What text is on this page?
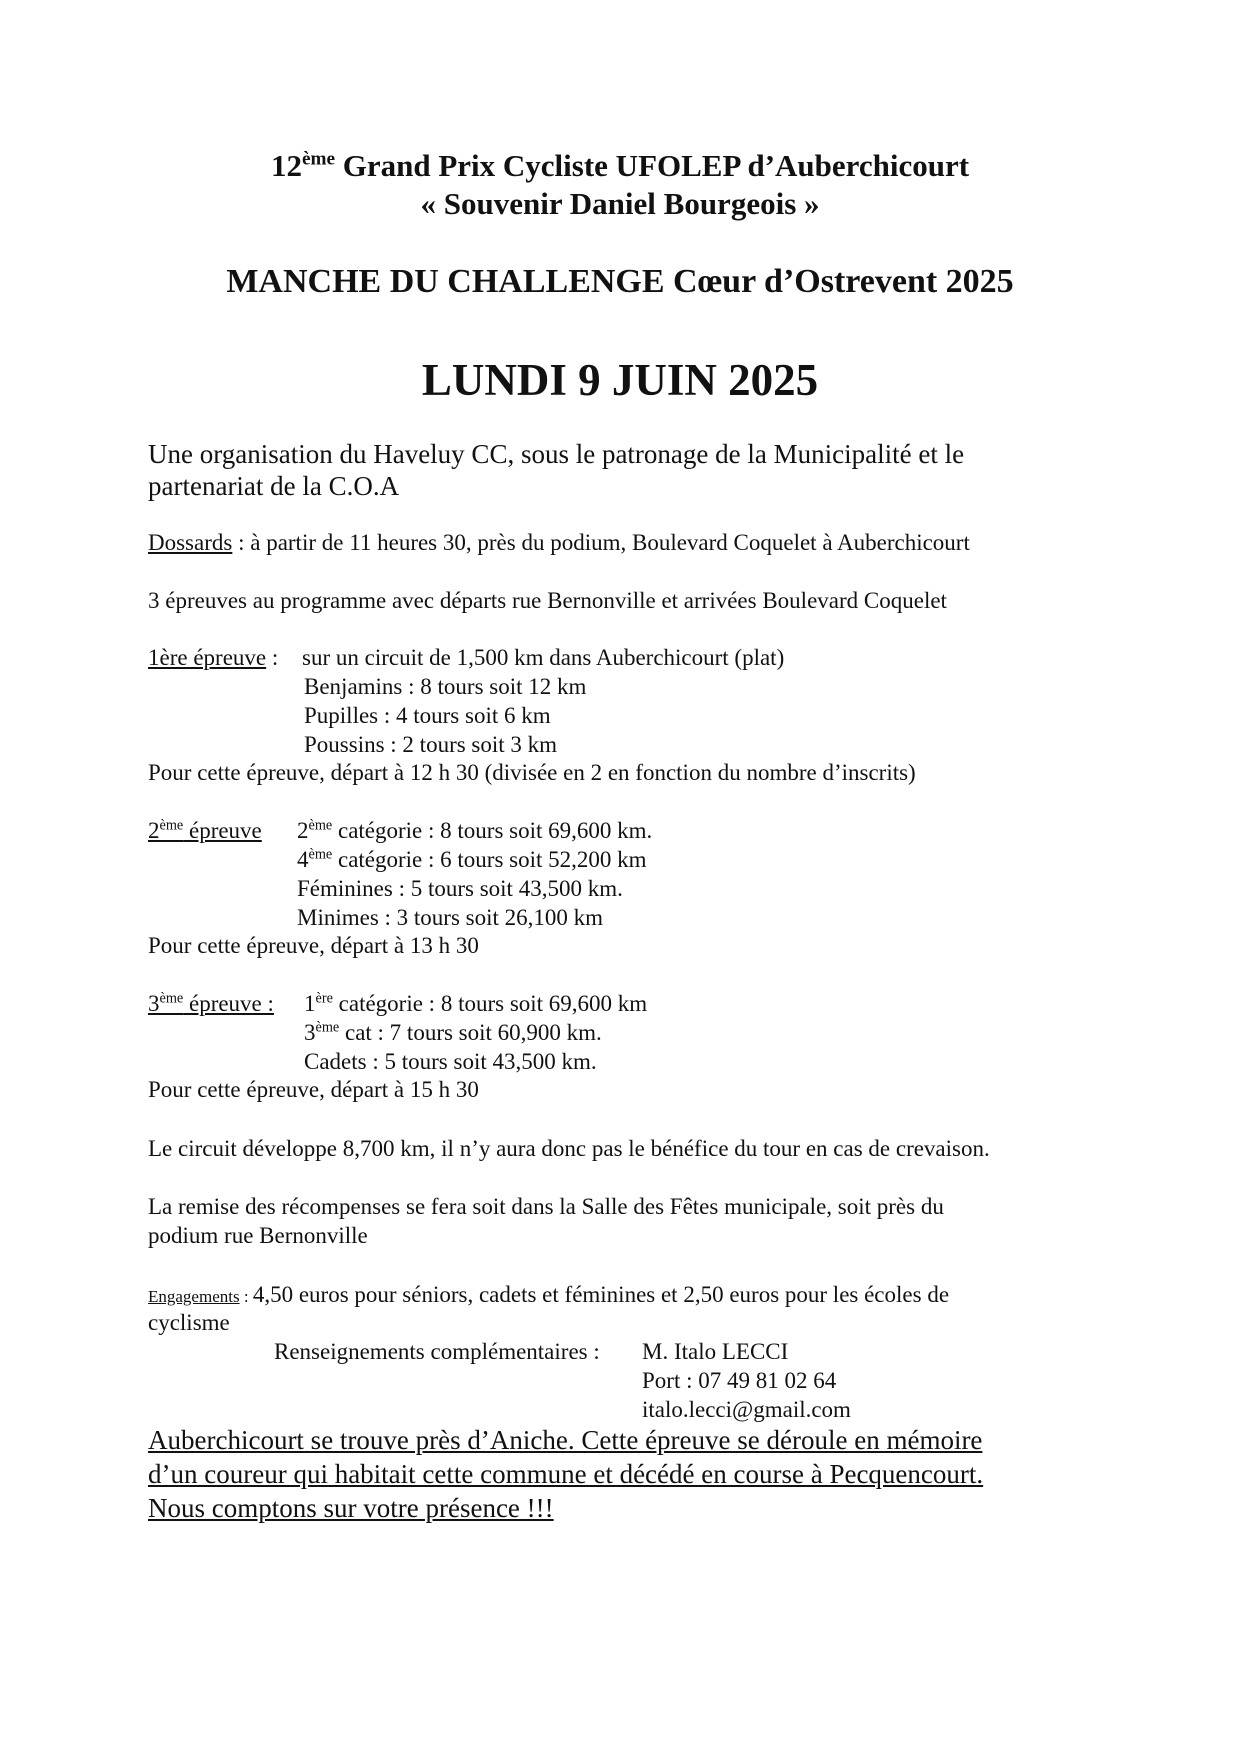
12ème Grand Prix Cycliste UFOLEP d’Auberchicourt
« Souvenir Daniel Bourgeois »
MANCHE DU CHALLENGE Cœur d’Ostrevent 2025
LUNDI 9 JUIN 2025
Une organisation du Haveluy CC, sous le patronage de la Municipalité et le
partenariat de la C.O.A
Dossards : à partir de 11 heures 30, près du podium, Boulevard Coquelet à Auberchicourt
3 épreuves au programme avec départs rue Bernonville et arrivées Boulevard Coquelet
1ère épreuve : sur un circuit de 1,500 km dans Auberchicourt (plat)
Benjamins : 8 tours soit 12 km
Pupilles : 4 tours soit 6 km
Poussins : 2 tours soit 3 km
Pour cette épreuve, départ à 12 h 30 (divisée en 2 en fonction du nombre d’inscrits)
2ème épreuve 2ème catégorie : 8 tours soit 69,600 km.
4ème catégorie : 6 tours soit 52,200 km
Féminines : 5 tours soit 43,500 km.
Minimes : 3 tours soit 26,100 km
Pour cette épreuve, départ à 13 h 30
3ème épreuve : 1ère catégorie : 8 tours soit 69,600 km
3ème cat : 7 tours soit 60,900 km.
Cadets : 5 tours soit 43,500 km.
Pour cette épreuve, départ à 15 h 30
Le circuit développe 8,700 km, il n’y aura donc pas le bénéfice du tour en cas de crevaison.
La remise des récompenses se fera soit dans la Salle des Fêtes municipale, soit près du
podium rue Bernonville
Engagements : 4,50 euros pour séniors, cadets et féminines et 2,50 euros pour les écoles de
cyclisme
Renseignements complémentaires : M. Italo LECCI
Port : 07 49 81 02 64
italo.lecci@gmail.com
Auberchicourt se trouve près d’Aniche. Cette épreuve se déroule en mémoire
d’un coureur qui habitait cette commune et décédé en course à Pecquencourt.
Nous comptons sur votre présence !!!
